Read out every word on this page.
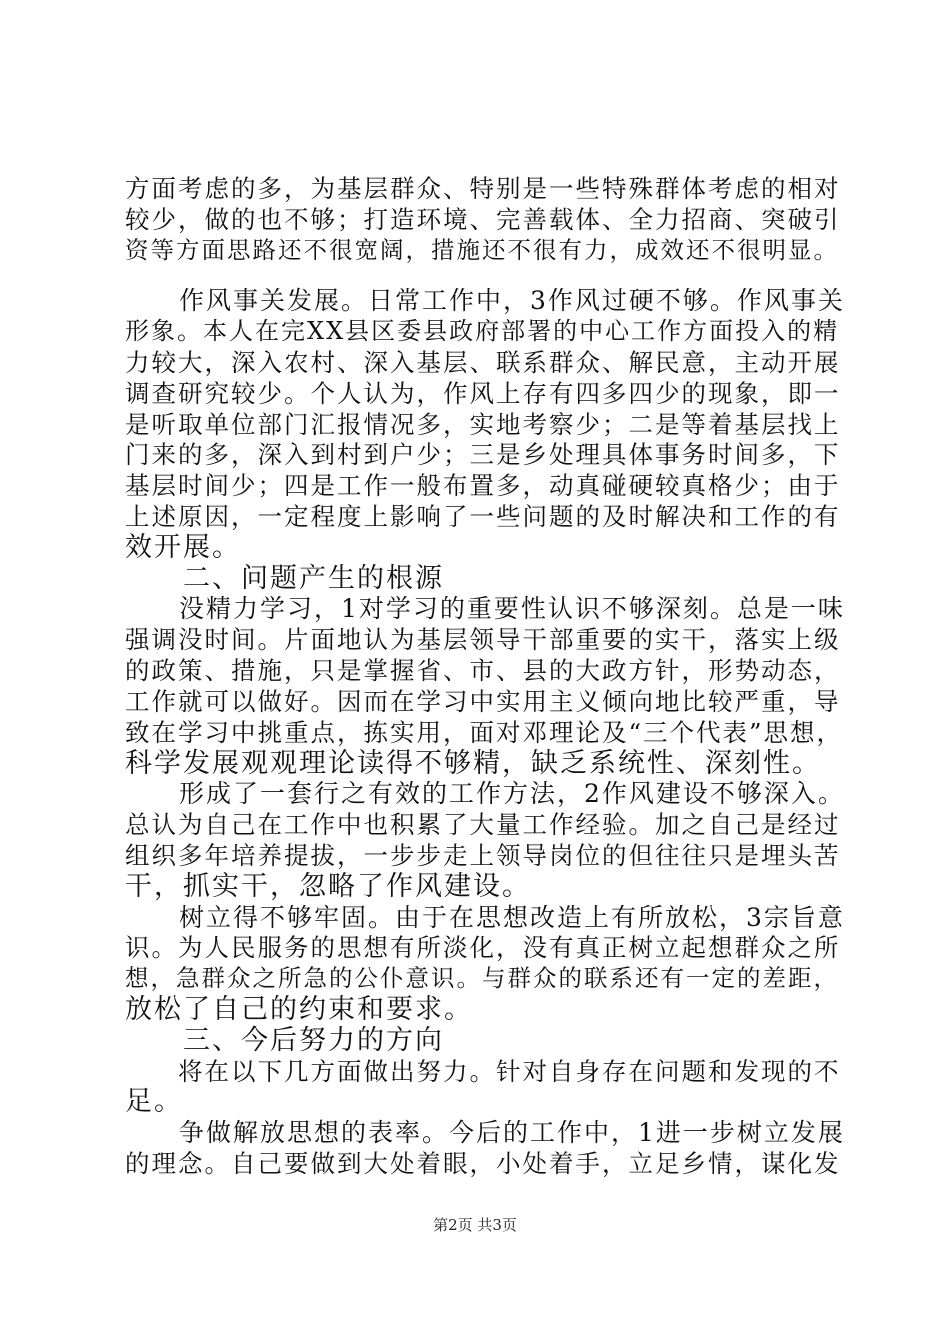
方面考虑的多，为基层群众、特别是一些特殊群体考虑的相对
较少，做的也不够；打造环境、完善载体、全力招商、突破引
资等方面思路还不很宽阔，措施还不很有力，成效还不很明显。
　　作风事关发展。日常工作中，3作风过硬不够。作风事关
形象。本人在完XX县区委县政府部署的中心工作方面投入的精
力较大，深入农村、深入基层、联系群众、解民意，主动开展
调查研究较少。个人认为，作风上存有四多四少的现象，即一
是听取单位部门汇报情况多，实地考察少；二是等着基层找上
门来的多，深入到村到户少；三是乡处理具体事务时间多，下
基层时间少；四是工作一般布置多，动真碰硬较真格少；由于
上述原因，一定程度上影响了一些问题的及时解决和工作的有
效开展。
　　二、问题产生的根源
　　没精力学习，1对学习的重要性认识不够深刻。总是一味
强调没时间。片面地认为基层领导干部重要的实干，落实上级
的政策、措施，只是掌握省、市、县的大政方针，形势动态，
工作就可以做好。因而在学习中实用主义倾向地比较严重，导
致在学习中挑重点，拣实用，面对邓理论及“三个代表”思想，
科学发展观观理论读得不够精，缺乏系统性、深刻性。
　　形成了一套行之有效的工作方法，2作风建设不够深入。
总认为自己在工作中也积累了大量工作经验。加之自己是经过
组织多年培养提拔，一步步走上领导岗位的但往往只是埋头苦
干，抓实干，忽略了作风建设。
　　树立得不够牢固。由于在思想改造上有所放松，3宗旨意
识。为人民服务的思想有所淡化，没有真正树立起想群众之所
想，急群众之所急的公仆意识。与群众的联系还有一定的差距，
放松了自己的约束和要求。
　　三、今后努力的方向
　　将在以下几方面做出努力。针对自身存在问题和发现的不
足。
　　争做解放思想的表率。今后的工作中，1进一步树立发展
的理念。自己要做到大处着眼，小处着手，立足乡情，谋化发
第2页 共3页
